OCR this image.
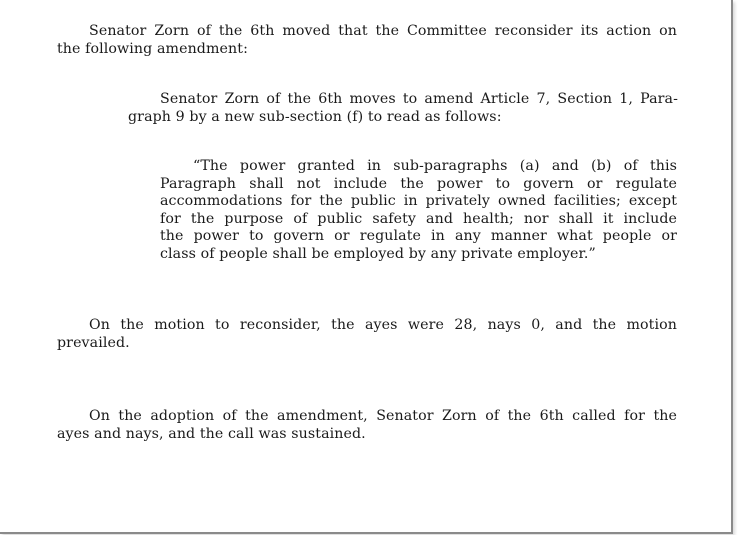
Senator Zorn of the 6th moved that the Committee reconsider its action on
the following amendment:

Senator Zorn of the 6th moves to amend Article 7, Section 1, Para-
graph 9 by a new sub-section (f) to read as follows:

“The power granted in sub-paragraphs (a) and (b) of this
Paragraph shall not include the power to govern or regulate
accommodations for the public in privately owned facilities; except
for the purpose of public safety and health; nor shall it include
the power to govern or regulate in any manner what people or
class of people shall be employed by any private employer.”

On the motion to reconsider, the ayes were 28, nays 0, and the motion
prevailed.

On the adoption of the amendment, Senator Zorn of the 6th called for the
ayes and nays, and the call was sustained.
